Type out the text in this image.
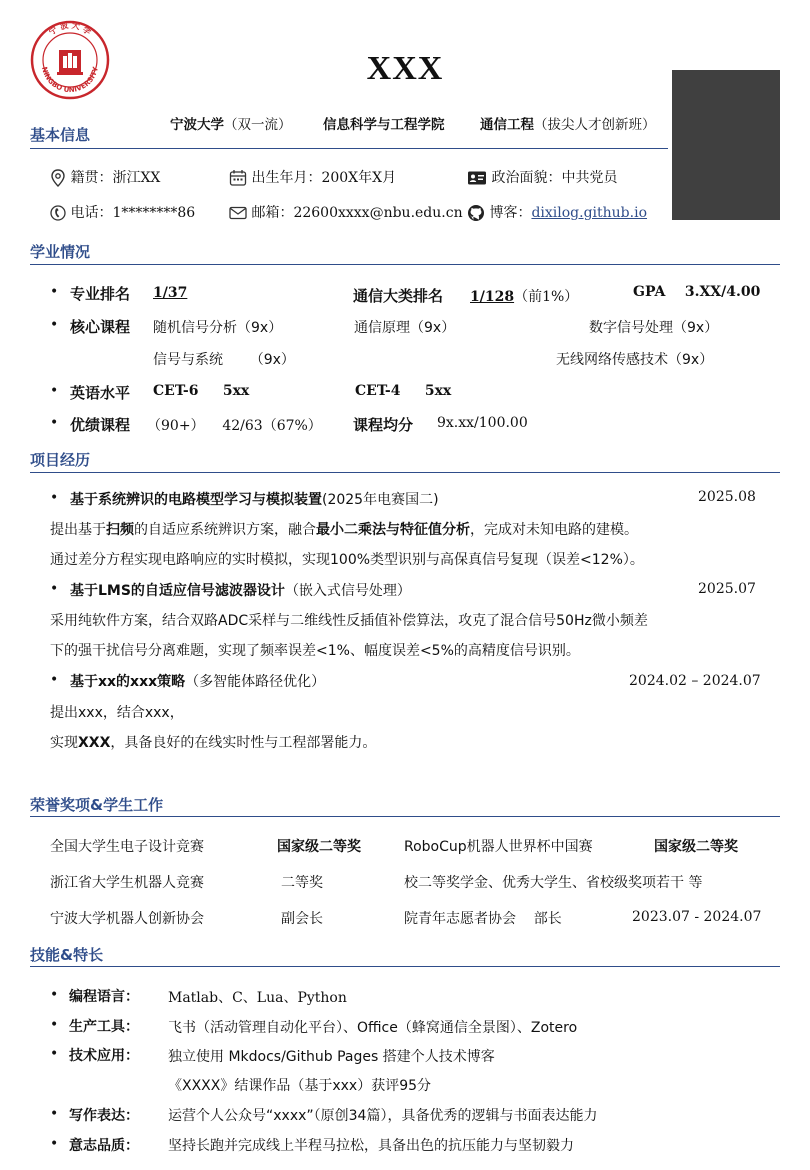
NINGBO UNIVERSITY
宁 波 大 学
XXX
宁波大学（双一流） 信息科学与工程学院	通信工程（拔尖人才创新班）
基本信息
籍贯：浙江XX	出生年月：200X年X月	政治面貌：中共党员
电话：1********86	邮箱：22600xxxx@nbu.edu.cn	博客：dixilog.github.io
学业情况
• 专业排名 1/37	通信大类排名 1/128（前1%）	GPA    3.XX/4.00
• 核心课程 随机信号分析（9x）	通信原理（9x）	数字信号处理（9x）
信号与系统      （9x）	无线网络传感技术（9x）
• 英语水平 CET-6     5xx	CET-4     5xx
• 优绩课程 （90+）    42/63（67%） 课程均分 9x.xx/100.00
项目经历
• 基于系统辨识的电路模型学习与模拟装置(2025年电赛国二)	2025.08
提出基于扫频的自适应系统辨识方案，融合最小二乘法与特征值分析，完成对未知电路的建模。
通过差分方程实现电路响应的实时模拟，实现100%类型识别与高保真信号复现（误差<12%）。
• 基于LMS的自适应信号滤波器设计（嵌入式信号处理）	2025.07
采用纯软件方案，结合双路ADC采样与二维线性反插值补偿算法，攻克了混合信号50Hz微小频差
下的强干扰信号分离难题，实现了频率误差<1%、幅度误差<5%的高精度信号识别。
• 基于xx的xxx策略（多智能体路径优化）	2024.02 – 2024.07
提出xxx，结合xxx，
实现XXX，具备良好的在线实时性与工程部署能力。
荣誉奖项&学生工作
全国大学生电子设计竞赛	国家级二等奖	RoboCup机器人世界杯中国赛	国家级二等奖
浙江省大学生机器人竞赛	二等奖	校二等奖学金、优秀大学生、省校级奖项若干 等
宁波大学机器人创新协会	副会长	院青年志愿者协会    部长	2023.07 - 2024.07
技能&特长
• 编程语言： Matlab、C、Lua、Python
• 生产工具： 飞书（活动管理自动化平台）、Office（蜂窝通信全景图）、Zotero
• 技术应用： 独立使用 Mkdocs/Github Pages 搭建个人技术博客
《XXXX》结课作品（基于xxx）获评95分
• 写作表达： 运营个人公众号“xxxx”（原创34篇），具备优秀的逻辑与书面表达能力
• 意志品质： 坚持长跑并完成线上半程马拉松，具备出色的抗压能力与坚韧毅力
